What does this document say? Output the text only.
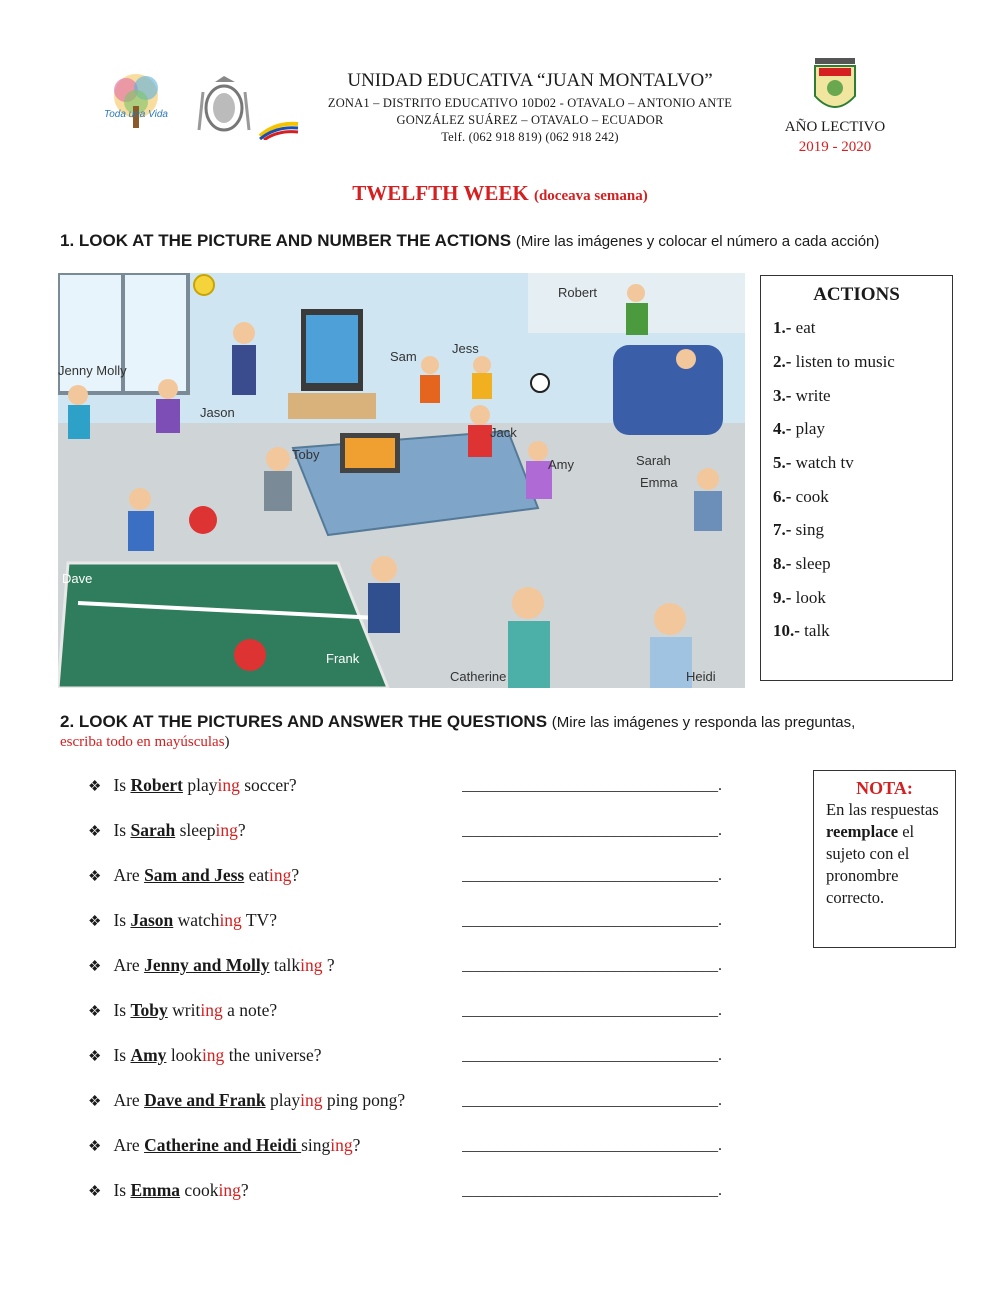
Toda una Vida
UNIDAD EDUCATIVA “JUAN MONTALVO”
ZONA1 – DISTRITO EDUCATIVO 10D02 - OTAVALO – ANTONIO ANTE
GONZÁLEZ SUÁREZ – OTAVALO – ECUADOR
Telf. (062 918 819) (062 918 242)
AÑO LECTIVO
2019 - 2020
TWELFTH WEEK (doceava semana)
1. LOOK AT THE PICTURE AND NUMBER THE ACTIONS (Mire las imágenes y colocar el número a cada acción)
Robert
Jenny Molly
Jason
Sam
Jess
Jack
Toby
Amy	Sarah
Emma
Dave
Frank
Catherine	Heidi
ACTIONS
1.- eat
2.- listen to music
3.- write
4.- play
5.- watch tv
6.- cook
7.- sing
8.- sleep
9.- look
10.- talk
2. LOOK AT THE PICTURES AND ANSWER THE QUESTIONS (Mire las imágenes y responda las preguntas,
escriba todo en mayúsculas)
❖ Is Robert playing soccer?	________________________________.
❖ Is Sarah sleeping?	________________________________.
❖ Are Sam and Jess eating?	________________________________.
❖ Is Jason watching TV?	________________________________.
❖ Are Jenny and Molly talking ?	________________________________.
❖ Is Toby writing a note?	________________________________.
❖ Is Amy looking the universe?	________________________________.
❖ Are Dave and Frank playing ping pong?	________________________________.
❖ Are Catherine and Heidi singing?	________________________________.
❖ Is Emma cooking?	________________________________.
NOTA:
En las respuestas reemplace el sujeto con el pronombre correcto.
